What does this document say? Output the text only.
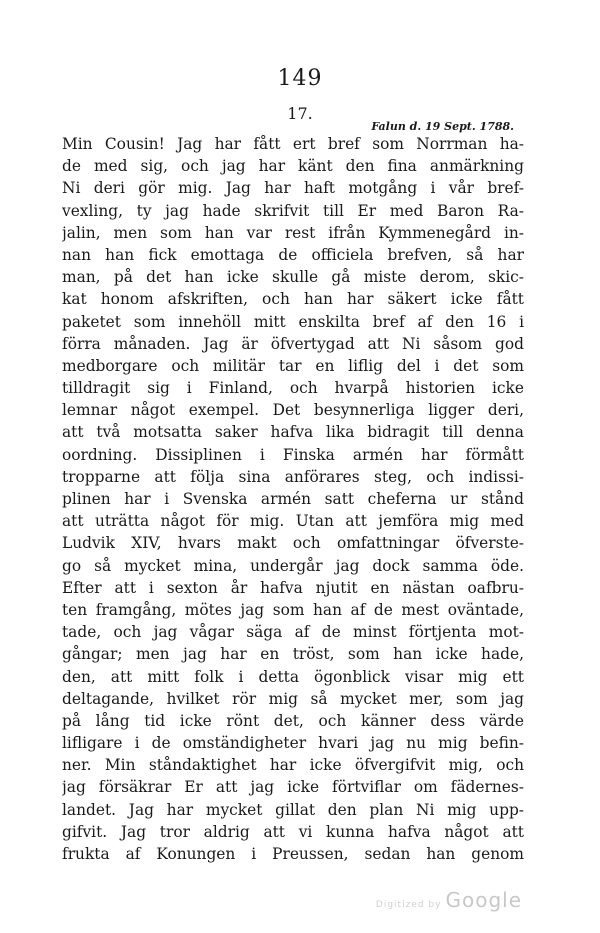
149
17.
Falun d. 19 Sept. 1788.
Min Cousin! Jag har fått ert bref som Norrman ha-
de med sig, och jag har känt den fina anmärkning
Ni deri gör mig. Jag har haft motgång i vår bref-
vexling, ty jag hade skrifvit till Er med Baron Ra-
jalin, men som han var rest ifrån Kymmenegård in-
nan han fick emottaga de officiela brefven, så har
man, på det han icke skulle gå miste derom, skic-
kat honom afskriften, och han har säkert icke fått
paketet som innehöll mitt enskilta bref af den 16 i
förra månaden. Jag är öfvertygad att Ni såsom god
medborgare och militär tar en liflig del i det som
tilldragit sig i Finland, och hvarpå historien icke
lemnar något exempel. Det besynnerliga ligger deri,
att två motsatta saker hafva lika bidragit till denna
oordning. Dissiplinen i Finska armén har förmått
tropparne att följa sina anförares steg, och indissi-
plinen har i Svenska armén satt cheferna ur stånd
att uträtta något för mig. Utan att jemföra mig med
Ludvik XIV, hvars makt och omfattningar öfverste-
go så mycket mina, undergår jag dock samma öde.
Efter att i sexton år hafva njutit en nästan oafbru-
ten framgång, mötes jag som han af de mest oväntade,
tade, och jag vågar säga af de minst förtjenta mot-
gångar; men jag har en tröst, som han icke hade,
den, att mitt folk i detta ögonblick visar mig ett
deltagande, hvilket rör mig så mycket mer, som jag
på lång tid icke rönt det, och känner dess värde
lifligare i de omständigheter hvari jag nu mig befin-
ner. Min ståndaktighet har icke öfvergifvit mig, och
jag försäkrar Er att jag icke förtviflar om fädernes-
landet. Jag har mycket gillat den plan Ni mig upp-
gifvit. Jag tror aldrig att vi kunna hafva något att
frukta af Konungen i Preussen, sedan han genom
Digitized by Google
